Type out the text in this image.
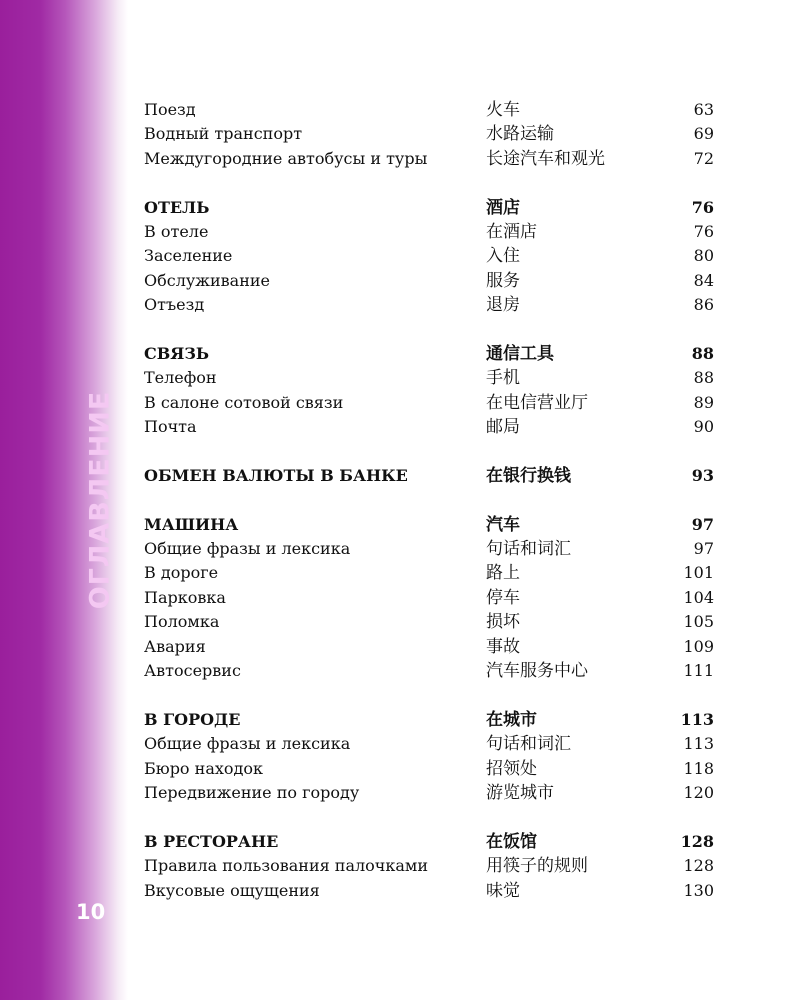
ОГЛАВЛЕНИЕ
10
Поезд	火车	63
Водный транспорт	水路运输	69
Междугородние автобусы и туры	长途汽车和观光	72
ОТЕЛЬ	酒店	76
В отеле	在酒店	76
Заселение	入住	80
Обслуживание	服务	84
Отъезд	退房	86
СВЯЗЬ	通信工具	88
Телефон	手机	88
В салоне сотовой связи	在电信营业厅	89
Почта	邮局	90
ОБМЕН ВАЛЮТЫ В БАНКЕ	在银行换钱	93
МАШИНА	汽车	97
Общие фразы и лексика	句话和词汇	97
В дороге	路上	101
Парковка	停车	104
Поломка	损坏	105
Авария	事故	109
Автосервис	汽车服务中心	111
В ГОРОДЕ	在城市	113
Общие фразы и лексика	句话和词汇	113
Бюро находок	招领处	118
Передвижение по городу	游览城市	120
В РЕСТОРАНЕ	在饭馆	128
Правила пользования палочками	用筷子的规则	128
Вкусовые ощущения	味觉	130
